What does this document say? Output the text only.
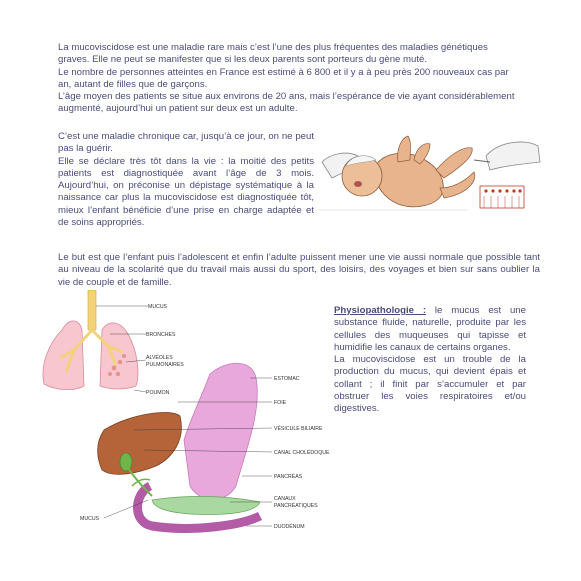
La mucoviscidose est une maladie rare mais c’est l’une des plus fréquentes des maladies génétiques
graves. Elle ne peut se manifester que si les deux parents sont porteurs du gène muté.
Le nombre de personnes atteintes en France est estimé à 6 800 et il y a à peu près 200 nouveaux cas par
an, autant de filles que de garçons.
L’âge moyen des patients se situe aux environs de 20 ans, mais l’espérance de vie ayant considérablement
augmenté, aujourd’hui un patient sur deux est un adulte.
C’est une maladie chronique car, jusqu’à ce jour, on ne peut pas la guérir.
Elle se déclare très tôt dans la vie : la moitié des petits patients est diagnostiquée avant l’âge de 3 mois. Aujourd’hui, on préconise un dépistage systématique à la naissance car plus la mucoviscidose est diagnostiquée tôt, mieux l’enfant bénéficie d’une prise en charge adaptée et de soins appropriés.
Le but est que l’enfant puis l’adolescent et enfin l’adulte puissent mener une vie aussi normale que possible tant au niveau de la scolarité que du travail mais aussi du sport, des loisirs, des voyages et bien sur sans oublier la vie de couple et de famille.
Physiopathologie : le mucus est une substance fluide, naturelle, produite par les cellules des muqueuses qui tapisse et humidifie les canaux de certains organes.
La mucoviscidose est un trouble de la production du mucus, qui devient épais et collant ; il finit par s’accumuler et par obstruer les voies respiratoires et/ou digestives.
MUCUS
BRONCHES
ALVÉOLES
PULMONAIRES
POUMON
ESTOMAC
FOIE
VÉSICULE BILIAIRE
CANAL CHOLÉDOQUE
PANCRÉAS
CANAUX
PANCRÉATIQUES
DUODÉNUM
MUCUS
